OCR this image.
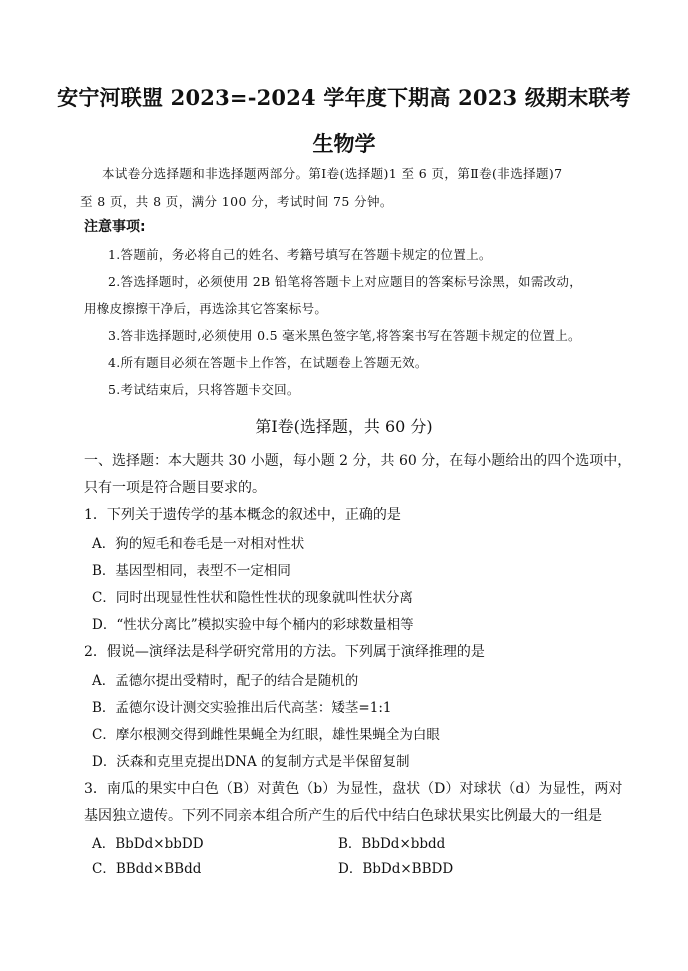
安宁河联盟 2023=-2024 学年度下期高 2023 级期末联考
生物学
本试卷分选择题和非选择题两部分。第Ⅰ卷(选择题)1 至 6 页，第Ⅱ卷(非选择题)7
至 8 页，共 8 页，满分 100 分，考试时间 75 分钟。
注意事项:
1.答题前，务必将自己的姓名、考籍号填写在答题卡规定的位置上。
2.答选择题时，必须使用 2B 铅笔将答题卡上对应题目的答案标号涂黑，如需改动，
用橡皮擦擦干净后，再选涂其它答案标号。
3.答非选择题时,必须使用 0.5 毫米黑色签字笔,将答案书写在答题卡规定的位置上。
4.所有题目必须在答题卡上作答，在试题卷上答题无效。
5.考试结束后，只将答题卡交回。
第Ⅰ卷(选择题，共 60 分)
一、选择题：本大题共 30 小题，每小题 2 分，共 60 分，在每小题给出的四个选项中，
只有一项是符合题目要求的。
1．下列关于遗传学的基本概念的叙述中，正确的是
A．狗的短毛和卷毛是一对相对性状
B．基因型相同，表型不一定相同
C．同时出现显性性状和隐性性状的现象就叫性状分离
D．“性状分离比”模拟实验中每个桶内的彩球数量相等
2．假说—演绎法是科学研究常用的方法。下列属于演绎推理的是
A．孟德尔提出受精时，配子的结合是随机的
B．孟德尔设计测交实验推出后代高茎：矮茎=1:1
C．摩尔根测交得到雌性果蝇全为红眼，雄性果蝇全为白眼
D．沃森和克里克提出DNA 的复制方式是半保留复制
3．南瓜的果实中白色（B）对黄色（b）为显性，盘状（D）对球状（d）为显性，两对
基因独立遗传。下列不同亲本组合所产生的后代中结白色球状果实比例最大的一组是
A．BbDd×bbDD	B．BbDd×bbdd
C．BBdd×BBdd	D．BbDd×BBDD
